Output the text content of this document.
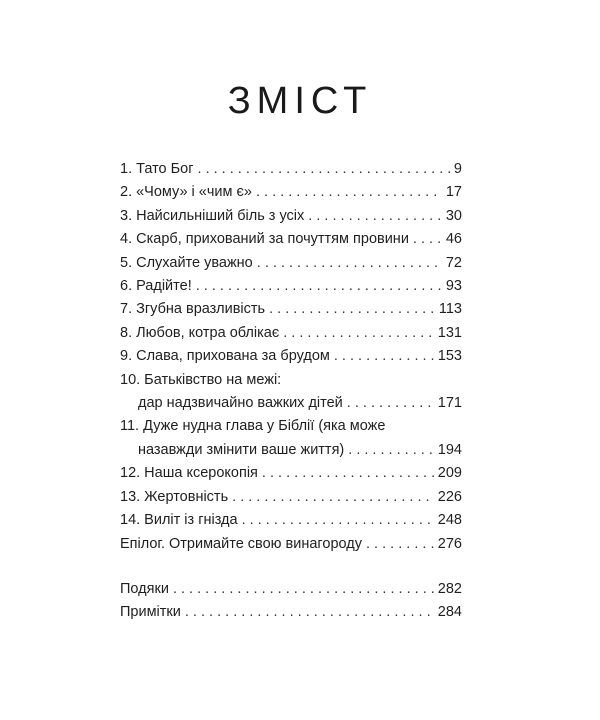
ЗМІСТ
1. Тато Бог . . .	9
2. «Чому» і «чим є» . . .	17
3. Найсильніший біль з усіх . . .	30
4. Скарб, прихований за почуттям провини . . .	46
5. Слухайте уважно . . .	72
6. Радійте! . . .	93
7. Згубна вразливість . . .	113
8. Любов, котра облікає . . .	131
9. Слава, прихована за брудом . . .	153
10. Батьківство на межі:
дар надзвичайно важких дітей . . .	171
11. Дуже нудна глава у Біблії (яка може
назавжди змінити ваше життя) . . .	194
12. Наша ксерокопія . . .	209
13. Жертовність . . .	226
14. Виліт із гнізда . . .	248
Епілог. Отримайте свою винагороду . . .	276
Подяки . . .	282
Примітки . . .	284
